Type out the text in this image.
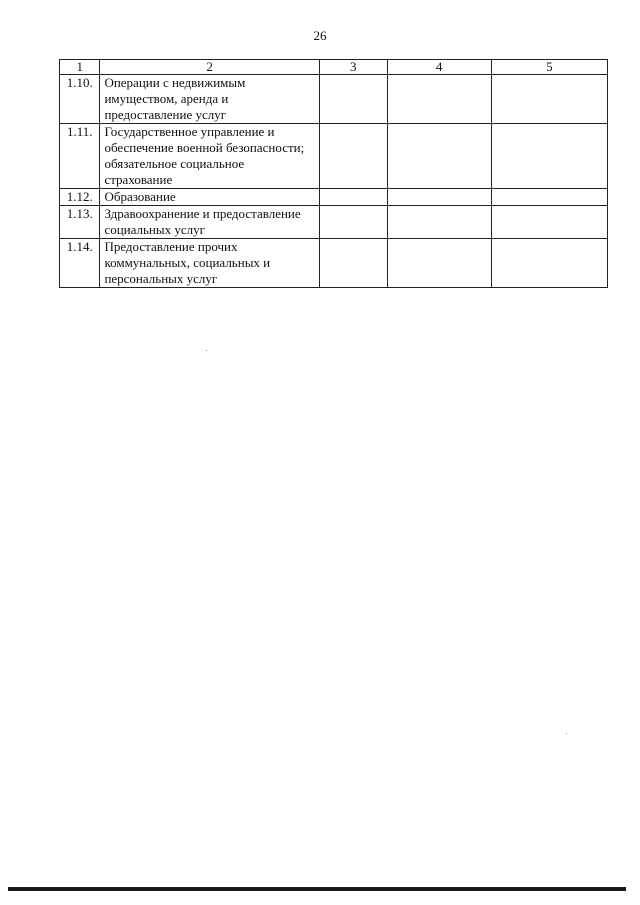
26
1	2	3	4	5
1.10.	Операции с недвижимым имуществом, аренда и предоставление услуг			
1.11.	Государственное управление и обеспечение военной безопасности; обязательное социальное страхование			
1.12.	Образование			
1.13.	Здравоохранение и предоставление социальных услуг			
1.14.	Предоставление прочих коммунальных, социальных и персональных услуг			
